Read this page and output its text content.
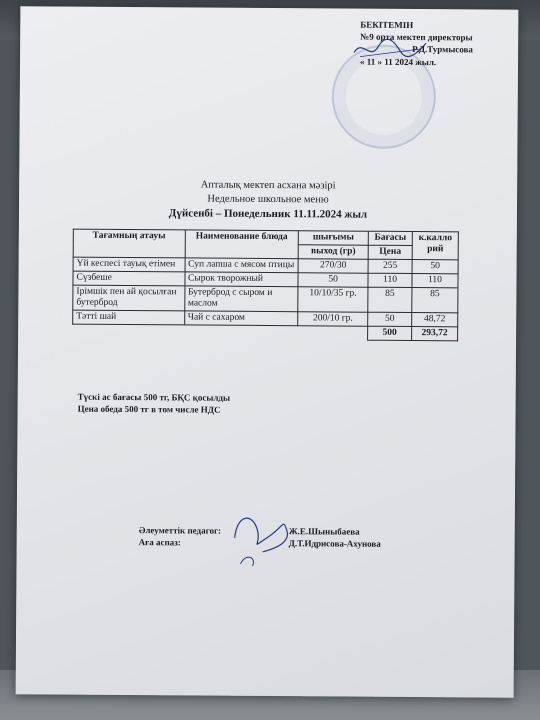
БЕКІТЕМІН
№9 орта мектеп директоры
Р.Д.Турмысова
« 11 » 11 2024 жыл.
Апталық мектеп асхана мәзірі
Недельное школьное меню
Дүйсенбі – Понедельник 11.11.2024 жыл
Тағамның атауы	Наименование блюда	шығымы	Бағасы	к.калло рий
		выход (гр)	Цена	
Үй кеспесі тауық етімен	Суп лапша с мясом птицы	270/30	255	50
Сүзбеше	Сырок творожный	50	110	110
Ірімшік пен ай қосылған бутерброд	Бутерброд с сыром и маслом	10/10/35 гр.	85	85
Тәтті шай	Чай с сахаром	200/10 гр.	50	48,72
			500	293,72
Түскі ас бағасы 500 тг, БҚС қосылды
Цена обеда 500 тг в том числе НДС
Әлеуметтік педагог:	Ж.Е.Шыныбаева
Аға аспаз:	Д.Т.Идрисова-Ахунова
